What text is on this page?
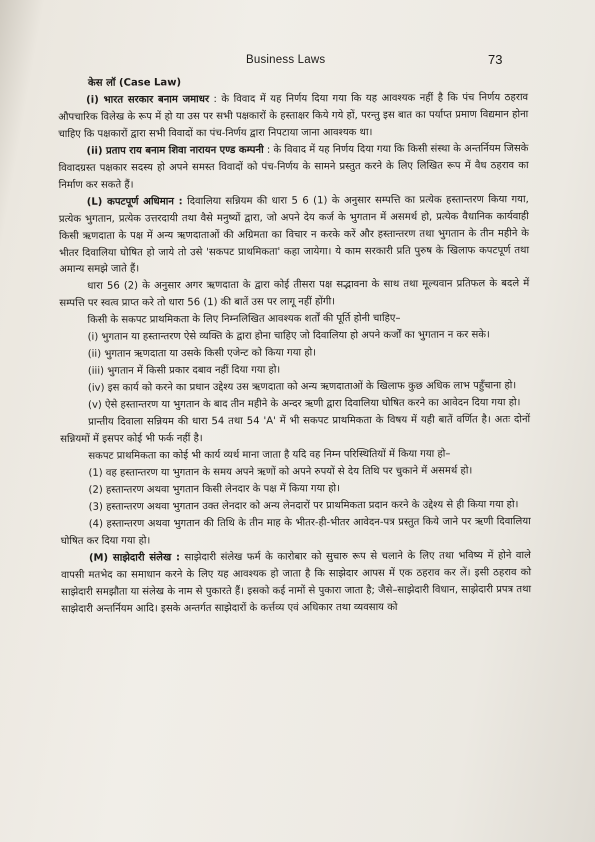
Business Laws	73

केस लॉ (Case Law)

(i) भारत सरकार बनाम जमाधर : के विवाद में यह निर्णय दिया गया कि यह आवश्यक नहीं है कि पंच निर्णय ठहराव औपचारिक विलेख के रूप में हो या उस पर सभी पक्षकारों के हस्ताक्षर किये गये हों, परन्तु इस बात का पर्याप्त प्रमाण विद्यमान होना चाहिए कि पक्षकारों द्वारा सभी विवादों का पंच-निर्णय द्वारा निपटाया जाना आवश्यक था।

(ii) प्रताप राय बनाम शिवा नारायन एण्ड कम्पनी : के विवाद में यह निर्णय दिया गया कि किसी संस्था के अन्तर्नियम जिसके विवादग्रस्त पक्षकार सदस्य हो अपने समस्त विवादों को पंच-निर्णय के सामने प्रस्तुत करने के लिए लिखित रूप में वैध ठहराव का निर्माण कर सकते हैं।

(L) कपटपूर्ण अधिमान : दिवालिया सन्नियम की धारा 5 6 (1) के अनुसार सम्पत्ति का प्रत्येक हस्तान्तरण किया गया, प्रत्येक भुगतान, प्रत्येक उत्तरदायी तथा वैसे मनुष्यों द्वारा, जो अपने देय कर्ज के भुगतान में असमर्थ हो, प्रत्येक वैधानिक कार्यवाही किसी ऋणदाता के पक्ष में अन्य ऋणदाताओं की अग्रिमता का विचार न करके करें और हस्तान्तरण तथा भुगतान के तीन महीने के भीतर दिवालिया घोषित हो जाये तो उसे 'सकपट प्राथमिकता' कहा जायेगा। ये काम सरकारी प्रति पुरुष के खिलाफ कपटपूर्ण तथा अमान्य समझे जाते हैं।

धारा 56 (2) के अनुसार अगर ऋणदाता के द्वारा कोई तीसरा पक्ष सद्भावना के साथ तथा मूल्यवान प्रतिफल के बदले में सम्पत्ति पर स्वत्व प्राप्त करे तो धारा 56 (1) की बातें उस पर लागू नहीं होंगी।

किसी के सकपट प्राथमिकता के लिए निम्नलिखित आवश्यक शर्तों की पूर्ति होनी चाहिए–

(i) भुगतान या हस्तान्तरण ऐसे व्यक्ति के द्वारा होना चाहिए जो दिवालिया हो अपने कर्जों का भुगतान न कर सके।

(ii) भुगतान ऋणदाता या उसके किसी एजेन्ट को किया गया हो।

(iii) भुगतान में किसी प्रकार दबाव नहीं दिया गया हो।

(iv) इस कार्य को करने का प्रधान उद्देश्य उस ऋणदाता को अन्य ऋणदाताओं के खिलाफ कुछ अधिक लाभ पहुँचाना हो।

(v) ऐसे हस्तान्तरण या भुगतान के बाद तीन महीने के अन्दर ऋणी द्वारा दिवालिया घोषित करने का आवेदन दिया गया हो।

प्रान्तीय दिवाला सन्नियम की धारा 54 तथा 54 'A' में भी सकपट प्राथमिकता के विषय में यही बातें वर्णित है। अतः दोनों सन्नियमों में इसपर कोई भी फर्क नहीं है।

सकपट प्राथमिकता का कोई भी कार्य व्यर्थ माना जाता है यदि वह निम्न परिस्थितियों में किया गया हो–

(1) वह हस्तान्तरण या भुगतान के समय अपने ऋणों को अपने रुपयों से देय तिथि पर चुकाने में असमर्थ हो।

(2) हस्तान्तरण अथवा भुगतान किसी लेनदार के पक्ष में किया गया हो।

(3) हस्तान्तरण अथवा भुगतान उक्त लेनदार को अन्य लेनदारों पर प्राथमिकता प्रदान करने के उद्देश्य से ही किया गया हो।

(4) हस्तान्तरण अथवा भुगतान की तिथि के तीन माह के भीतर-ही-भीतर आवेदन-पत्र प्रस्तुत किये जाने पर ऋणी दिवालिया घोषित कर दिया गया हो।

(M) साझेदारी संलेख : साझेदारी संलेख फर्म के कारोबार को सुचारु रूप से चलाने के लिए तथा भविष्य में होने वाले वापसी मतभेद का समाधान करने के लिए यह आवश्यक हो जाता है कि साझेदार आपस में एक ठहराव कर लें। इसी ठहराव को साझेदारी समझौता या संलेख के नाम से पुकारते हैं। इसको कई नामों से पुकारा जाता है; जैसे–साझेदारी विधान, साझेदारी प्रपत्र तथा साझेदारी अन्तर्नियम आदि। इसके अन्तर्गत साझेदारों के कर्त्तव्य एवं अधिकार तथा व्यवसाय को
